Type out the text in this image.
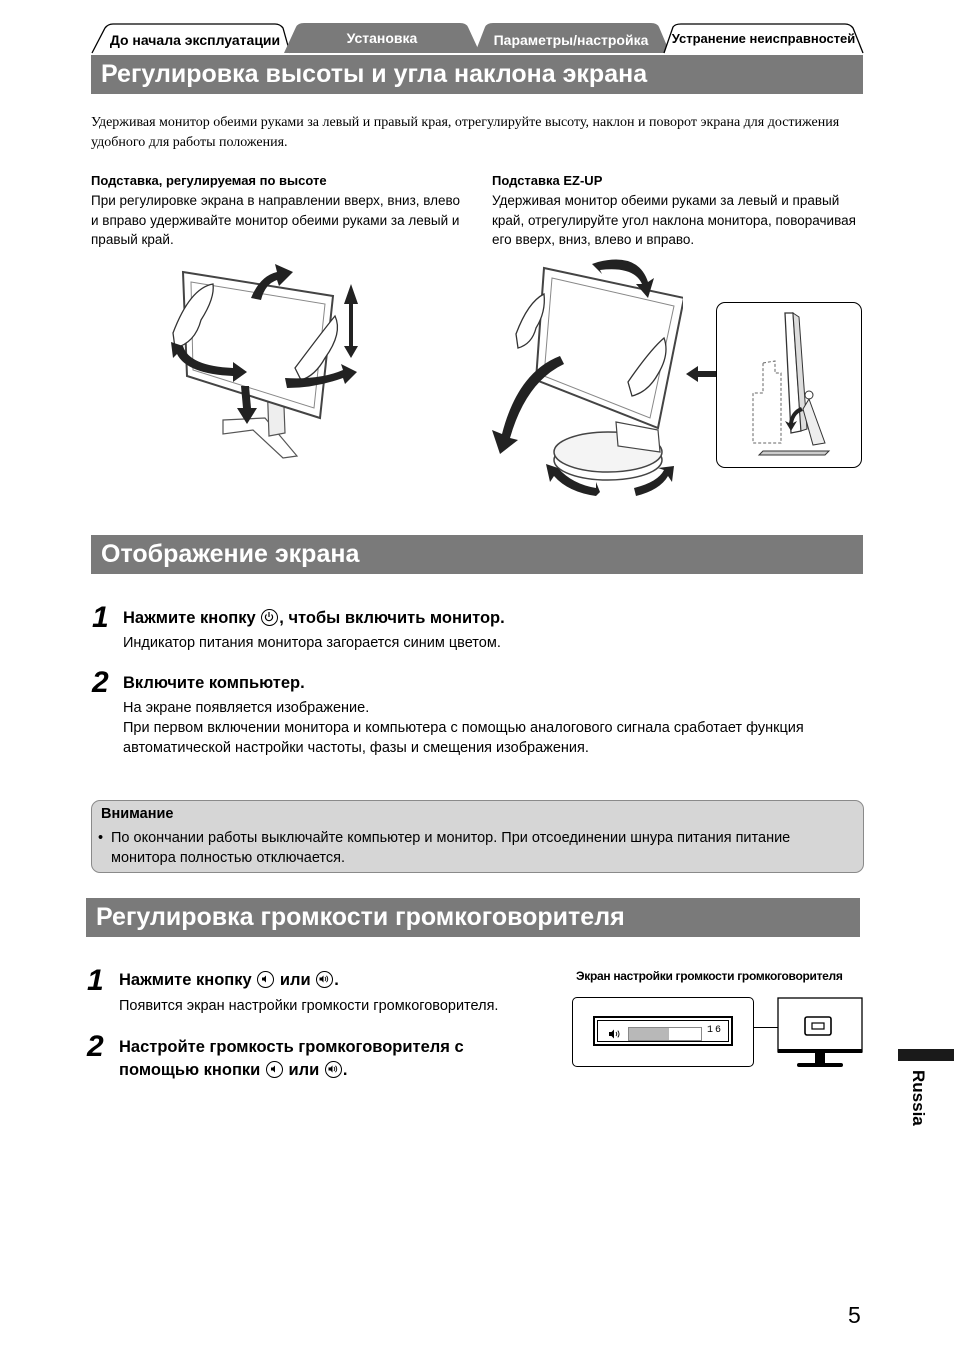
До начала эксплуатации	Установка	Параметры/настройка	Устранение неисправностей
Регулировка высоты и угла наклона экрана
Удерживая монитор обеими руками за левый и правый края, отрегулируйте высоту, наклон и поворот экрана для достижения удобного для работы положения.
Подставка, регулируемая по высоте
При регулировке экрана в направлении вверх, вниз, влево и вправо удерживайте монитор обеими руками за левый и правый край.
Подставка EZ-UP
Удерживая монитор обеими руками за левый и правый край, отрегулируйте угол наклона монитора, поворачивая его вверх, вниз, влево и вправо.
Отображение экрана
1 Нажмите кнопку , чтобы включить монитор.
Индикатор питания монитора загорается синим цветом.
2 Включите компьютер.
На экране появляется изображение.
При первом включении монитора и компьютера с помощью аналогового сигнала сработает функция автоматической настройки частоты, фазы и смещения изображения.
Внимание
• По окончании работы выключайте компьютер и монитор. При отсоединении шнура питания питание монитора полностью отключается.
Регулировка громкости громкоговорителя
1 Нажмите кнопку или .
Появится экран настройки громкости громкоговорителя.
2 Настройте громкость громкоговорителя с
помощью кнопки или .
Экран настройки громкости громкоговорителя
16
Russia
5
